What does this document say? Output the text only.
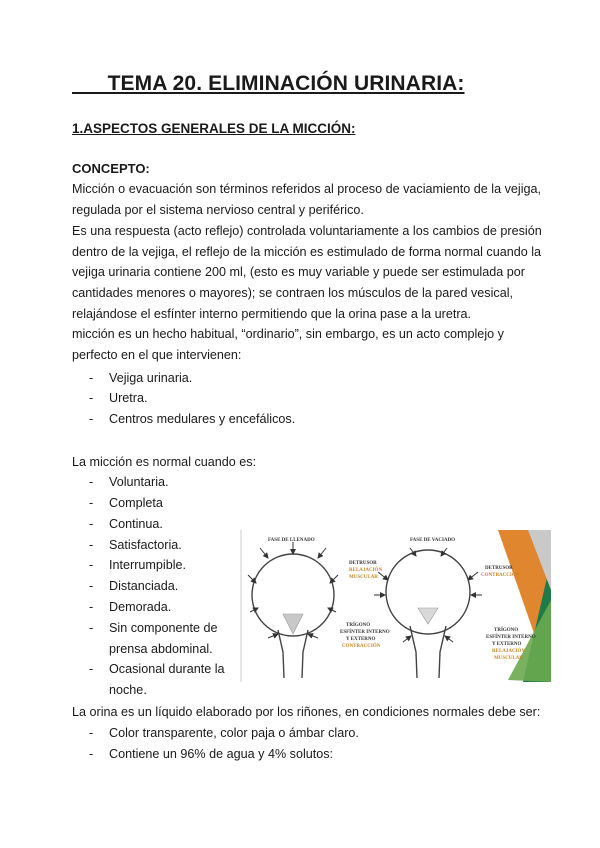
TEMA 20. ELIMINACIÓN URINARIA:
1.ASPECTOS GENERALES DE LA MICCIÓN:
CONCEPTO:
Micción o evacuación son términos referidos al proceso de vaciamiento de la vejiga,
regulada por el sistema nervioso central y periférico.
Es una respuesta (acto reflejo) controlada voluntariamente a los cambios de presión
dentro de la vejiga, el reflejo de la micción es estimulado de forma normal cuando la
vejiga urinaria contiene 200 ml, (esto es muy variable y puede ser estimulada por
cantidades menores o mayores); se contraen los músculos de la pared vesical,
relajándose el esfínter interno permitiendo que la orina pase a la uretra.
micción es un hecho habitual, “ordinario”, sin embargo, es un acto complejo y
perfecto en el que intervienen:
- Vejiga urinaria.
- Uretra.
- Centros medulares y encefálicos.
La micción es normal cuando es:
- Voluntaria.
- Completa
- Continua.
- Satisfactoria.
- Interrumpible.
- Distanciada.
- Demorada.
- Sin componente de
prensa abdominal.
- Ocasional durante la
noche.
La orina es un líquido elaborado por los riñones, en condiciones normales debe ser:
- Color transparente, color paja o ámbar claro.
- Contiene un 96% de agua y 4% solutos:
FASE DE LLENADO
DETRUSOR
RELAJACIÓN
MUSCULAR
TRÍGONO
ESFÍNTER INTERNO
Y EXTERNO
CONTRACCIÓN
FASE DE VACIADO
DETRUSOR
CONTRACCIÓN
TRÍGONO
ESFÍNTER INTERNO
Y EXTERNO
RELAJACIÓN
MUSCULAR
